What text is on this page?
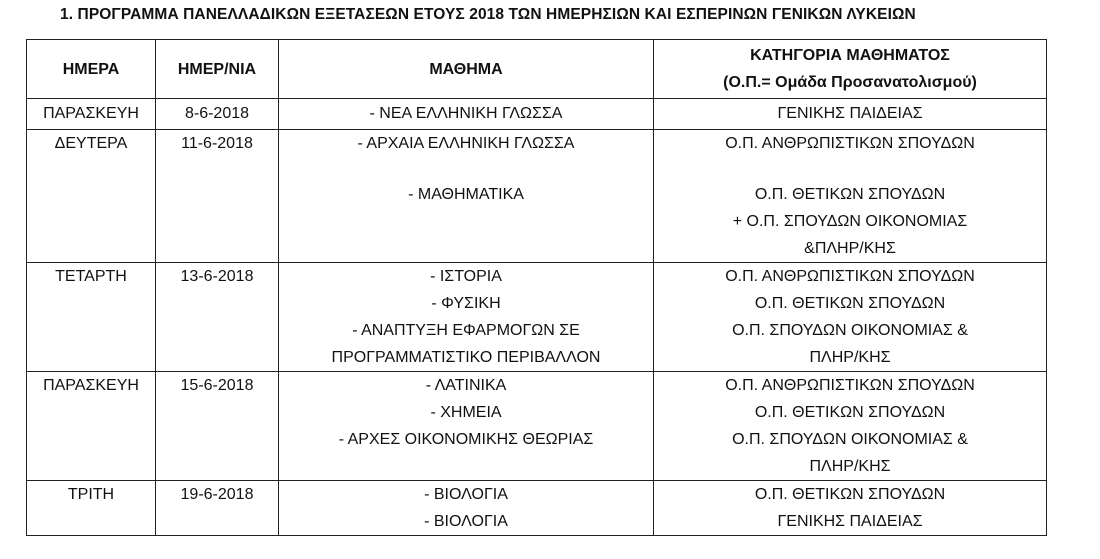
1. ΠΡΟΓΡΑΜΜΑ ΠΑΝΕΛΛΑΔΙΚΩΝ ΕΞΕΤΑΣΕΩΝ ΕΤΟΥΣ 2018 ΤΩΝ ΗΜΕΡΗΣΙΩΝ ΚΑΙ ΕΣΠΕΡΙΝΩΝ ΓΕΝΙΚΩΝ ΛΥΚΕΙΩΝ
ΗΜΕΡΑ	ΗΜΕΡ/ΝΙΑ	ΜΑΘΗΜΑ	ΚΑΤΗΓΟΡΙΑ ΜΑΘΗΜΑΤΟΣ
(Ο.Π.= Ομάδα Προσανατολισμού)

ΠΑΡΑΣΚΕΥΗ	8-6-2018	- ΝΕΑ ΕΛΛΗΝΙΚΗ ΓΛΩΣΣΑ	ΓΕΝΙΚΗΣ ΠΑΙΔΕΙΑΣ

ΔΕΥΤΕΡΑ	11-6-2018	- ΑΡΧΑΙΑ ΕΛΛΗΝΙΚΗ ΓΛΩΣΣΑ
- ΜΑΘΗΜΑΤΙΚΑ	Ο.Π. ΑΝΘΡΩΠΙΣΤΙΚΩΝ ΣΠΟΥΔΩΝ
Ο.Π. ΘΕΤΙΚΩΝ ΣΠΟΥΔΩΝ
+ Ο.Π. ΣΠΟΥΔΩΝ ΟΙΚΟΝΟΜΙΑΣ
&ΠΛΗΡ/ΚΗΣ

ΤΕΤΑΡΤΗ	13-6-2018	- ΙΣΤΟΡΙΑ
- ΦΥΣΙΚΗ
- ΑΝΑΠΤΥΞΗ ΕΦΑΡΜΟΓΩΝ ΣΕ
ΠΡΟΓΡΑΜΜΑΤΙΣΤΙΚΟ ΠΕΡΙΒΑΛΛΟΝ	Ο.Π. ΑΝΘΡΩΠΙΣΤΙΚΩΝ ΣΠΟΥΔΩΝ
Ο.Π. ΘΕΤΙΚΩΝ ΣΠΟΥΔΩΝ
Ο.Π. ΣΠΟΥΔΩΝ ΟΙΚΟΝΟΜΙΑΣ &
ΠΛΗΡ/ΚΗΣ

ΠΑΡΑΣΚΕΥΗ	15-6-2018	- ΛΑΤΙΝΙΚΑ
- ΧΗΜΕΙΑ
- ΑΡΧΕΣ ΟΙΚΟΝΟΜΙΚΗΣ ΘΕΩΡΙΑΣ	Ο.Π. ΑΝΘΡΩΠΙΣΤΙΚΩΝ ΣΠΟΥΔΩΝ
Ο.Π. ΘΕΤΙΚΩΝ ΣΠΟΥΔΩΝ
Ο.Π. ΣΠΟΥΔΩΝ ΟΙΚΟΝΟΜΙΑΣ &
ΠΛΗΡ/ΚΗΣ

ΤΡΙΤΗ	19-6-2018	- ΒΙΟΛΟΓΙΑ
- ΒΙΟΛΟΓΙΑ	Ο.Π. ΘΕΤΙΚΩΝ ΣΠΟΥΔΩΝ
ΓΕΝΙΚΗΣ ΠΑΙΔΕΙΑΣ
